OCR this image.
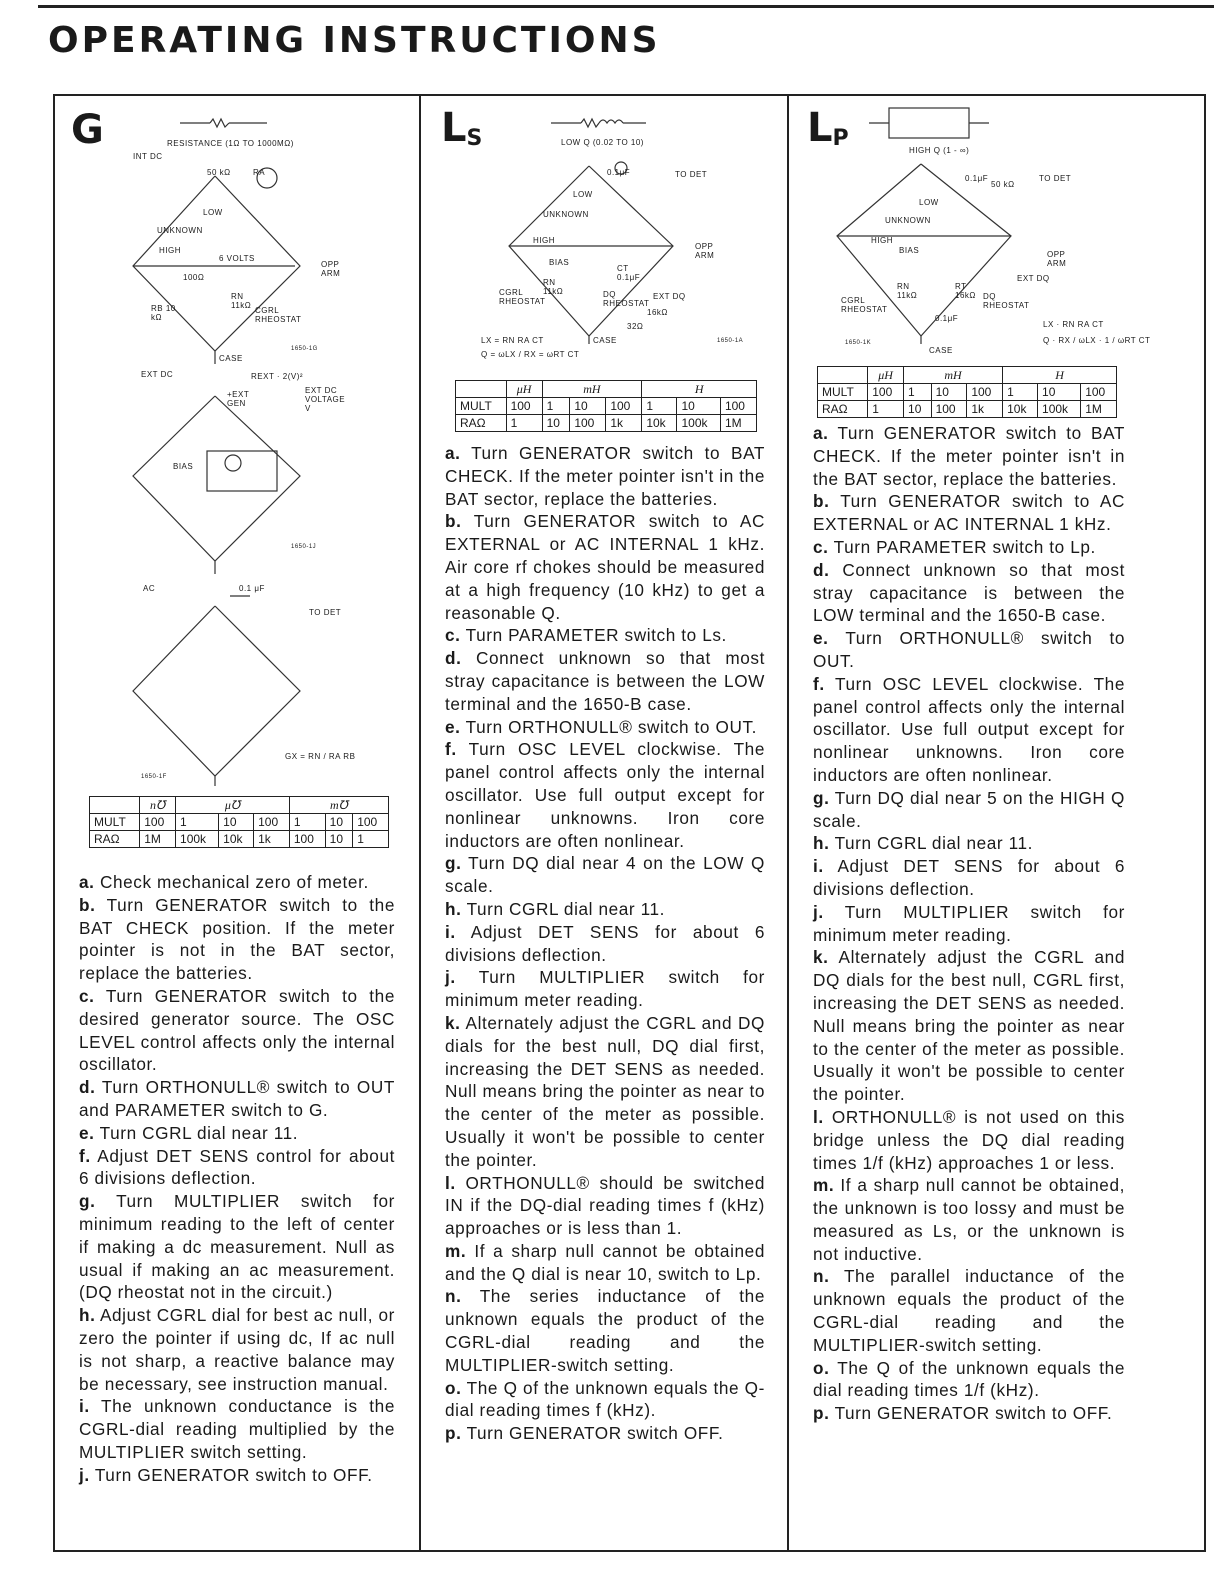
OPERATING INSTRUCTIONS
G	RESISTANCE (1Ω TO 1000MΩ)
INT DC
50 kΩ
LOW
UNKNOWN
HIGH
6 VOLTS
100Ω
OPP ARM
RA
RB 10 kΩ
RN 11kΩ
CGRL RHEOSTAT
CASE
1650-1G
EXT DC	REXT · 2(V)²
+EXT GEN
EXT DC VOLTAGE V
BIAS
1650-1J
AC	0.1 μF
TO DET
GX = RN / RA RB
1650-1F
	n℧	μ℧			m℧		
MULT	100	1	10	100	1	10	100
RAΩ	1M	100k	10k	1k	100	10	1

a. Check mechanical zero of meter.

b. Turn GENERATOR switch to the BAT CHECK position. If the meter pointer is not in the BAT sector, replace the batteries.

c. Turn GENERATOR switch to the desired generator source. The OSC LEVEL control affects only the internal oscillator.

d. Turn ORTHONULL® switch to OUT and PARAMETER switch to G.

e. Turn CGRL dial near 11.

f. Adjust DET SENS control for about 6 divisions deflection.

g. Turn MULTIPLIER switch for minimum reading to the left of center if making a dc measurement. Null as usual if making an ac measurement. (DQ rheostat not in the circuit.)

h. Adjust CGRL dial for best ac null, or zero the pointer if using dc, If ac null is not sharp, a reactive balance may be necessary, see instruction manual.

i. The unknown conductance is the CGRL-dial reading multiplied by the MULTIPLIER switch setting.

j. Turn GENERATOR switch to OFF.

$L_S$	LOW Q (0.02 TO 10)
0.1μF	TO DET
LOW
UNKNOWN
HIGH
BIAS
OPP ARM
CT 0.1μF
CGRL RHEOSTAT
RN 11kΩ	DQ RHEOSTAT
EXT DQ
16kΩ
32Ω
CASE
LX = RN RA CT
Q = ωLX / RX = ωRT CT
1650-1A
	μH	mH			H		
MULT	100	1	10	100	1	10	100
RAΩ	1	10	100	1k	10k	100k	1M

a. Turn GENERATOR switch to BAT CHECK. If the meter pointer isn't in the BAT sector, replace the batteries.

b. Turn GENERATOR switch to AC EXTERNAL or AC INTERNAL 1 kHz. Air core rf chokes should be measured at a high frequency (10 kHz) to get a reasonable Q.

c. Turn PARAMETER switch to Ls.

d. Connect unknown so that most stray capacitance is between the LOW terminal and the 1650-B case.

e. Turn ORTHONULL® switch to OUT.

f. Turn OSC LEVEL clockwise. The panel control affects only the internal oscillator. Use full output except for nonlinear unknowns. Iron core inductors are often nonlinear.

g. Turn DQ dial near 4 on the LOW Q scale.

h. Turn CGRL dial near 11.

i. Adjust DET SENS for about 6 divisions deflection.

j. Turn MULTIPLIER switch for minimum meter reading.

k. Alternately adjust the CGRL and DQ dials for the best null, DQ dial first, increasing the DET SENS as needed. Null means bring the pointer as near to the center of the meter as possible. Usually it won't be possible to center the pointer.

l. ORTHONULL® should be switched IN if the DQ-dial reading times f (kHz) approaches or is less than 1.

m. If a sharp null cannot be obtained and the Q dial is near 10, switch to Lp.

n. The series inductance of the unknown equals the product of the CGRL-dial reading and the MULTIPLIER-switch setting.

o. The Q of the unknown equals the Q-dial reading times f (kHz).

p. Turn GENERATOR switch OFF.

$L_P$	HIGH Q (1 - ∞)
0.1μF
50 kΩ
TO DET
LOW
UNKNOWN
HIGH
BIAS	OPP ARM
EXT DQ
RT 16kΩ DQ RHEOSTAT
CGRL RHEOSTAT
RN 11kΩ
0.1μF
CASE
LX · RN RA CT
Q · RX / ωLX · 1 / ωRT CT
1650-1K
	μH	mH			H		
MULT	100	1	10	100	1	10	100
RAΩ	1	10	100	1k	10k	100k	1M

a. Turn GENERATOR switch to BAT CHECK. If the meter pointer isn't in the BAT sector, replace the batteries.

b. Turn GENERATOR switch to AC EXTERNAL or AC INTERNAL 1 kHz.

c. Turn PARAMETER switch to Lp.

d. Connect unknown so that most stray capacitance is between the LOW terminal and the 1650-B case.

e. Turn ORTHONULL® switch to OUT.

f. Turn OSC LEVEL clockwise. The panel control affects only the internal oscillator. Use full output except for nonlinear unknowns. Iron core inductors are often nonlinear.

g. Turn DQ dial near 5 on the HIGH Q scale.

h. Turn CGRL dial near 11.

i. Adjust DET SENS for about 6 divisions deflection.

j. Turn MULTIPLIER switch for minimum meter reading.

k. Alternately adjust the CGRL and DQ dials for the best null, CGRL first, increasing the DET SENS as needed. Null means bring the pointer as near to the center of the meter as possible. Usually it won't be possible to center the pointer.

l. ORTHONULL® is not used on this bridge unless the DQ dial reading times 1/f (kHz) approaches 1 or less.

m. If a sharp null cannot be obtained, the unknown is too lossy and must be measured as Ls, or the unknown is not inductive.

n. The parallel inductance of the unknown equals the product of the CGRL-dial reading and the MULTIPLIER-switch setting.

o. The Q of the unknown equals the dial reading times 1/f (kHz).

p. Turn GENERATOR switch to OFF.
